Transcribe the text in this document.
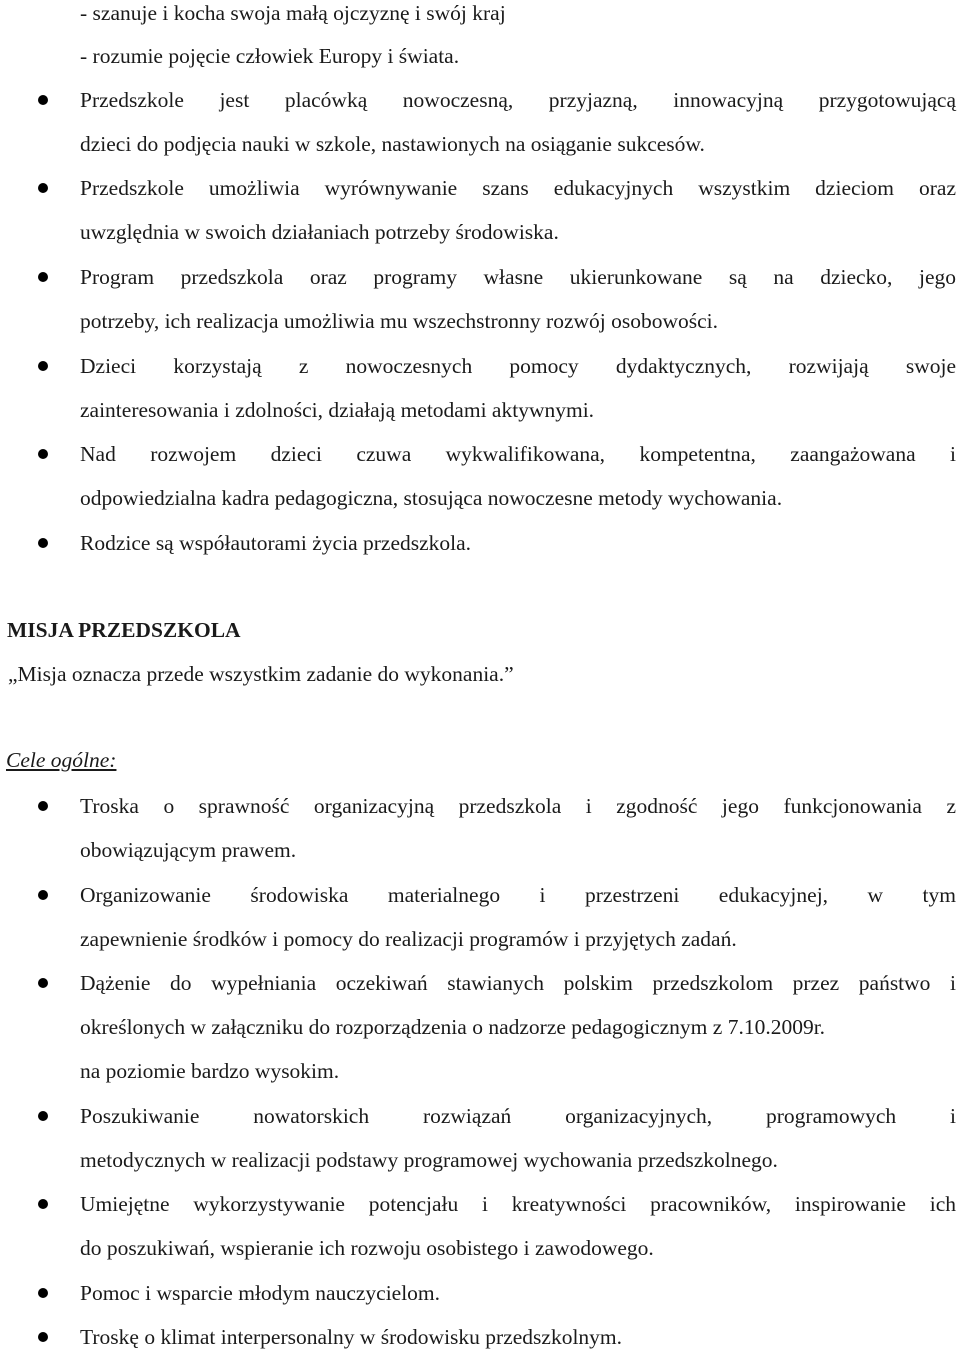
- szanuje i kocha swoja małą ojczyznę i swój kraj
- rozumie pojęcie człowiek Europy i świata.
Przedszkole jest placówką nowoczesną, przyjazną, innowacyjną przygotowującą
dzieci do podjęcia nauki w szkole, nastawionych na osiąganie sukcesów.
Przedszkole umożliwia wyrównywanie szans edukacyjnych wszystkim dzieciom oraz
uwzględnia w swoich działaniach potrzeby środowiska.
Program przedszkola oraz programy własne ukierunkowane są na dziecko, jego
potrzeby, ich realizacja umożliwia mu wszechstronny rozwój osobowości.
Dzieci korzystają z nowoczesnych pomocy dydaktycznych, rozwijają swoje
zainteresowania i zdolności, działają metodami aktywnymi.
Nad rozwojem dzieci czuwa wykwalifikowana, kompetentna, zaangażowana i
odpowiedzialna kadra pedagogiczna, stosująca nowoczesne metody wychowania.
Rodzice są współautorami życia przedszkola.
MISJA PRZEDSZKOLA
„Misja oznacza przede wszystkim zadanie do wykonania.”
Cele ogólne:
Troska o sprawność organizacyjną przedszkola i zgodność jego funkcjonowania z
obowiązującym prawem.
Organizowanie środowiska materialnego i przestrzeni edukacyjnej, w tym
zapewnienie środków i pomocy do realizacji programów i przyjętych zadań.
Dążenie do wypełniania oczekiwań stawianych polskim przedszkolom przez państwo i
określonych w załączniku do rozporządzenia o nadzorze pedagogicznym z 7.10.2009r.
na poziomie bardzo wysokim.
Poszukiwanie nowatorskich rozwiązań organizacyjnych, programowych i
metodycznych w realizacji podstawy programowej wychowania przedszkolnego.
Umiejętne wykorzystywanie potencjału i kreatywności pracowników, inspirowanie ich
do poszukiwań, wspieranie ich rozwoju osobistego i zawodowego.
Pomoc i wsparcie młodym nauczycielom.
Troskę o klimat interpersonalny w środowisku przedszkolnym.
